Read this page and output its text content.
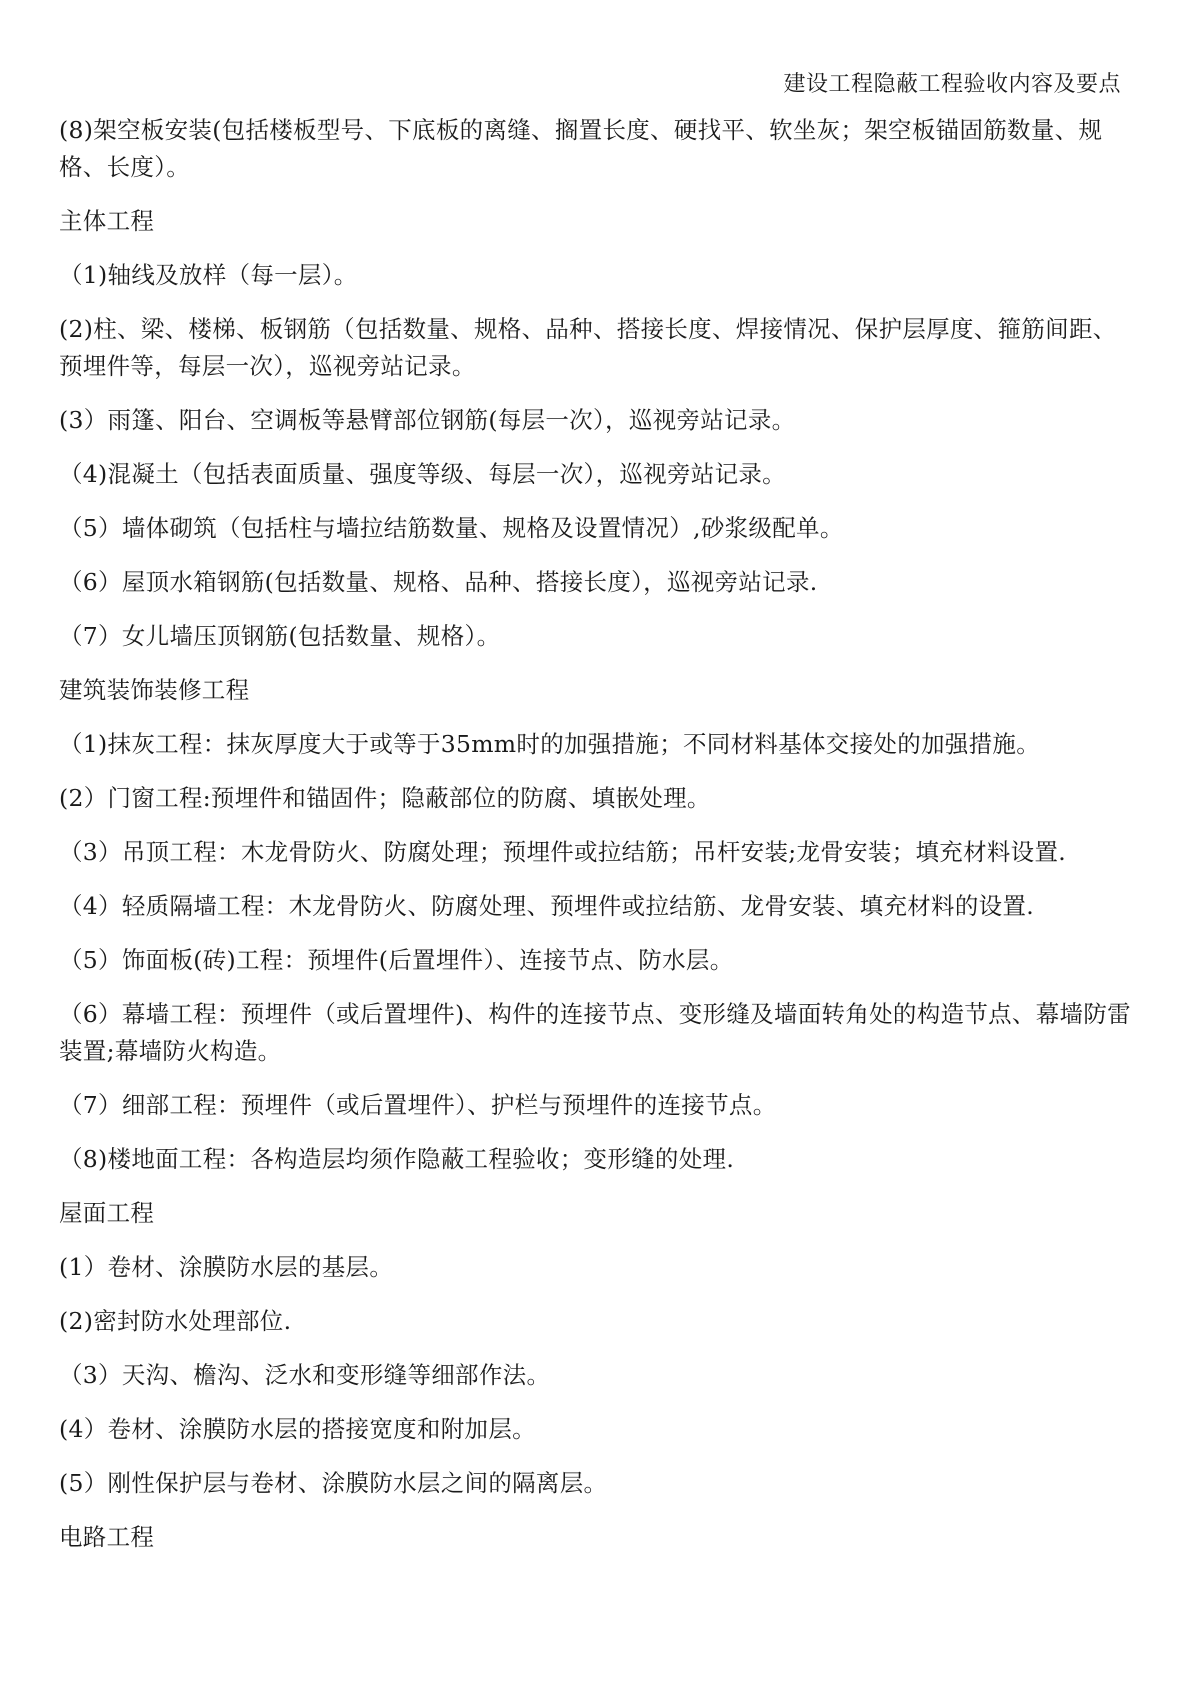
建设工程隐蔽工程验收内容及要点

(8)架空板安装(包括楼板型号、下底板的离缝、搁置长度、硬找平、软坐灰；架空板锚固筋数量、规格、长度）。

主体工程

（1)轴线及放样（每一层）。

(2)柱、梁、楼梯、板钢筋（包括数量、规格、品种、搭接长度、焊接情况、保护层厚度、箍筋间距、预埋件等，每层一次），巡视旁站记录。

(3）雨篷、阳台、空调板等悬臂部位钢筋(每层一次），巡视旁站记录。

（4)混凝土（包括表面质量、强度等级、每层一次），巡视旁站记录。

（5）墙体砌筑（包括柱与墙拉结筋数量、规格及设置情况）,砂浆级配单。

（6）屋顶水箱钢筋(包括数量、规格、品种、搭接长度），巡视旁站记录.

（7）女儿墙压顶钢筋(包括数量、规格）。

建筑装饰装修工程

（1)抹灰工程：抹灰厚度大于或等于35mm时的加强措施；不同材料基体交接处的加强措施。

(2）门窗工程:预埋件和锚固件；隐蔽部位的防腐、填嵌处理。

（3）吊顶工程：木龙骨防火、防腐处理；预埋件或拉结筋；吊杆安装;龙骨安装；填充材料设置.

（4）轻质隔墙工程：木龙骨防火、防腐处理、预埋件或拉结筋、龙骨安装、填充材料的设置.

（5）饰面板(砖)工程：预埋件(后置埋件）、连接节点、防水层。

（6）幕墙工程：预埋件（或后置埋件)、构件的连接节点、变形缝及墙面转角处的构造节点、幕墙防雷装置;幕墙防火构造。

（7）细部工程：预埋件（或后置埋件）、护栏与预埋件的连接节点。

（8)楼地面工程：各构造层均须作隐蔽工程验收；变形缝的处理.

屋面工程

(1）卷材、涂膜防水层的基层。

(2)密封防水处理部位.

（3）天沟、檐沟、泛水和变形缝等细部作法。

(4）卷材、涂膜防水层的搭接宽度和附加层。

(5）刚性保护层与卷材、涂膜防水层之间的隔离层。

电路工程
